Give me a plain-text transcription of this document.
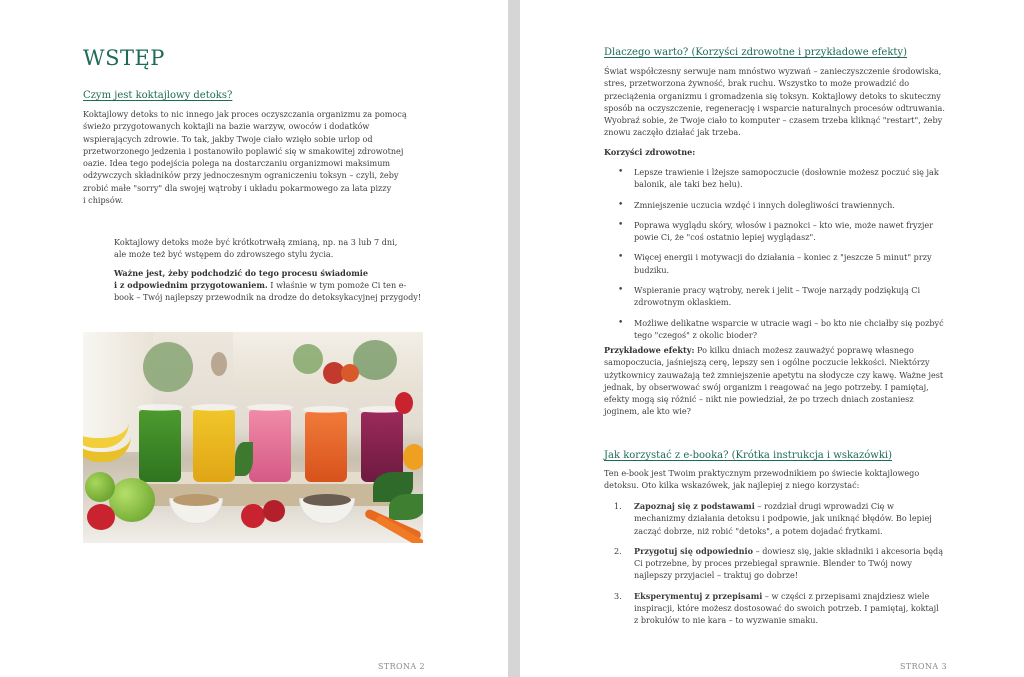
WSTĘP
Czym jest koktajlowy detoks?
Koktajlowy detoks to nic innego jak proces oczyszczania organizmu za pomocą
świeżo przygotowanych koktajli na bazie warzyw, owoców i dodatków
wspierających zdrowie. To tak, jakby Twoje ciało wzięło sobie urlop od
przetworzonego jedzenia i postanowiło poplawić się w smakowitej zdrowotnej
oazie. Idea tego podejścia polega na dostarczaniu organizmowi maksimum
odżywczych składników przy jednoczesnym ograniczeniu toksyn – czyli, żeby
zrobić małe "sorry" dla swojej wątroby i układu pokarmowego za lata pizzy
i chipsów.
Koktajlowy detoks może być krótkotrwałą zmianą, np. na 3 lub 7 dni,
ale może też być wstępem do zdrowszego stylu życia.
Ważne jest, żeby podchodzić do tego procesu świadomie
i z odpowiednim przygotowaniem. I właśnie w tym pomoże Ci ten e-
book – Twój najlepszy przewodnik na drodze do detoksykacyjnej przygody!
STRONA 2
Dlaczego warto? (Korzyści zdrowotne i przykładowe efekty)
Świat współczesny serwuje nam mnóstwo wyzwań – zanieczyszczenie środowiska,
stres, przetworzona żywność, brak ruchu. Wszystko to może prowadzić do
przeciążenia organizmu i gromadzenia się toksyn. Koktajlowy detoks to skuteczny
sposób na oczyszczenie, regenerację i wsparcie naturalnych procesów odtruwania.
Wyobraź sobie, że Twoje ciało to komputer – czasem trzeba kliknąć "restart", żeby
znowu zaczęło działać jak trzeba.
Korzyści zdrowotne:
• Lepsze trawienie i lżejsze samopoczucie (dosłownie możesz poczuć się jak
balonik, ale taki bez helu).
• Zmniejszenie uczucia wzdęć i innych dolegliwości trawiennych.
• Poprawa wyglądu skóry, włosów i paznokci – kto wie, może nawet fryzjer
powie Ci, że "coś ostatnio lepiej wyglądasz".
• Więcej energii i motywacji do działania – koniec z "jeszcze 5 minut" przy
budziku.
• Wspieranie pracy wątroby, nerek i jelit – Twoje narządy podziękują Ci
zdrowotnym oklaskiem.
• Możliwe delikatne wsparcie w utracie wagi – bo kto nie chciałby się pozbyć
tego "czegoś" z okolic bioder?
Przykładowe efekty: Po kilku dniach możesz zauważyć poprawę własnego
samopoczucia, jaśniejszą cerę, lepszy sen i ogólne poczucie lekkości. Niektórzy
użytkownicy zauważają też zmniejszenie apetytu na słodycze czy kawę. Ważne jest
jednak, by obserwować swój organizm i reagować na jego potrzeby. I pamiętaj,
efekty mogą się różnić – nikt nie powiedział, że po trzech dniach zostaniesz
joginem, ale kto wie?
Jak korzystać z e-booka? (Krótka instrukcja i wskazówki)
Ten e-book jest Twoim praktycznym przewodnikiem po świecie koktajlowego
detoksu. Oto kilka wskazówek, jak najlepiej z niego korzystać:
1. Zapoznaj się z podstawami – rozdział drugi wprowadzi Cię w
mechanizmy działania detoksu i podpowie, jak uniknąć błędów. Bo lepiej
zacząć dobrze, niż robić "detoks", a potem dojadać frytkami.
2. Przygotuj się odpowiednio – dowiesz się, jakie składniki i akcesoria będą
Ci potrzebne, by proces przebiegał sprawnie. Blender to Twój nowy
najlepszy przyjaciel – traktuj go dobrze!
3. Eksperymentuj z przepisami – w części z przepisami znajdziesz wiele
inspiracji, które możesz dostosować do swoich potrzeb. I pamiętaj, koktajl
z brokułów to nie kara – to wyzwanie smaku.
STRONA 3
